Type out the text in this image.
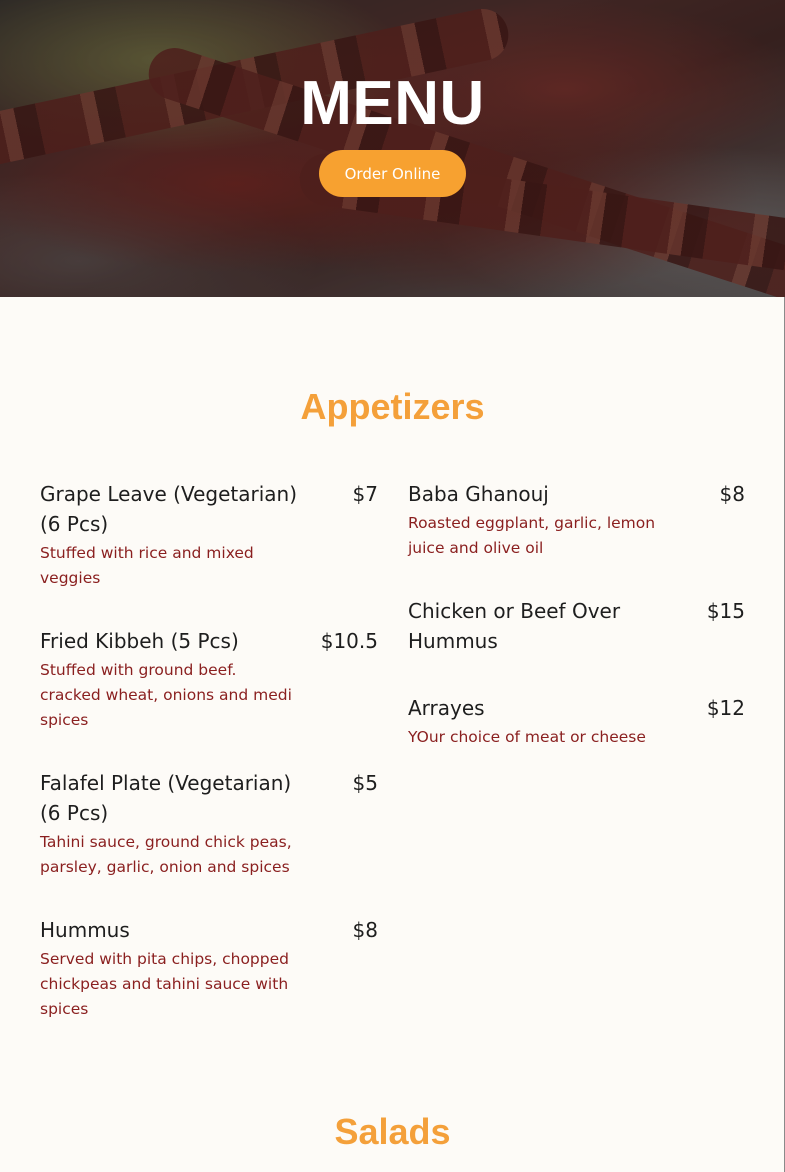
MENU
Order Online
Appetizers
Grape Leave (Vegetarian) (6 Pcs)
$7
Stuffed with rice and mixed veggies
Fried Kibbeh (5 Pcs)	$10.5
Stuffed with ground beef. cracked wheat, onions and medi spices
Falafel Plate (Vegetarian) (6 Pcs)
$5
Tahini sauce, ground chick peas, parsley, garlic, onion and spices
Hummus	$8
Served with pita chips, chopped chickpeas and tahini sauce with spices
Baba Ghanouj	$8
Roasted eggplant, garlic, lemon juice and olive oil
Chicken or Beef Over Hummus
$15
Arrayes	$12
YOur choice of meat or cheese
Salads
